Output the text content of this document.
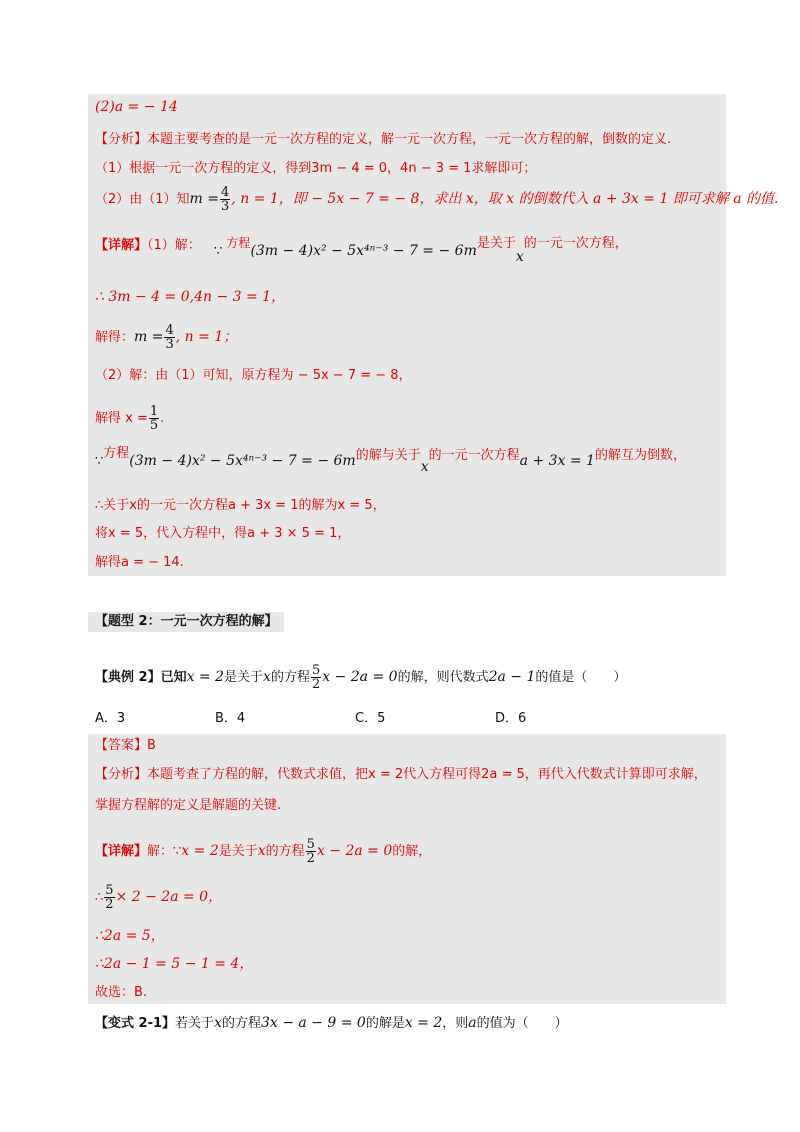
(2)a = − 14
【分析】本题主要考查的是一元一次方程的定义，解一元一次方程，一元一次方程的解，倒数的定义.
（1）根据一元一次方程的定义，得到3m − 4 = 0，4n − 3 = 1求解即可；
（2）由（1）知$m = \frac{4}{3}$ , n = 1，即 − 5x − 7 = − 8，求出 x，取 x 的倒数代入 a + 3x = 1 即可求解 a 的值.
【详解】（1）解： ∵ 方程(3m − 4)x² − 5x⁴ⁿ⁻³ − 7 = − 6m是关于x的一元一次方程，
∴ 3m − 4 = 0,4n − 3 = 1，
解得：$m = \frac{4}{3}$ , n = 1；
（2）解：由（1）可知，原方程为 − 5x − 7 = − 8，
解得 $x = \frac{1}{5}$ .
∵方程(3m − 4)x² − 5x⁴ⁿ⁻³ − 7 = − 6m的解与关于x的一元一次方程a + 3x = 1的解互为倒数，
∴关于x的一元一次方程a + 3x = 1的解为x = 5，
将x = 5，代入方程中，得a + 3 × 5 = 1，
解得a = − 14.
【题型 2：一元一次方程的解】
【典例 2】已知x = 2是关于x的方程 $\frac{5}{2}$ x − 2a = 0的解，则代数式2a − 1的值是（　　）
A．3	B．4	C．5	D．6
【答案】B
【分析】本题考查了方程的解，代数式求值，把x = 2代入方程可得2a = 5，再代入代数式计算即可求解，
掌握方程解的定义是解题的关键.
【详解】解：∵x = 2是关于x的方程 $\frac{5}{2}$ x − 2a = 0的解，
∴ $\frac{5}{2} \times 2 - 2a = 0$，
∴2a = 5，
∴2a − 1 = 5 − 1 = 4，
故选：B.
【变式 2-1】若关于x的方程3x − a − 9 = 0的解是x = 2，则a的值为（　　）
